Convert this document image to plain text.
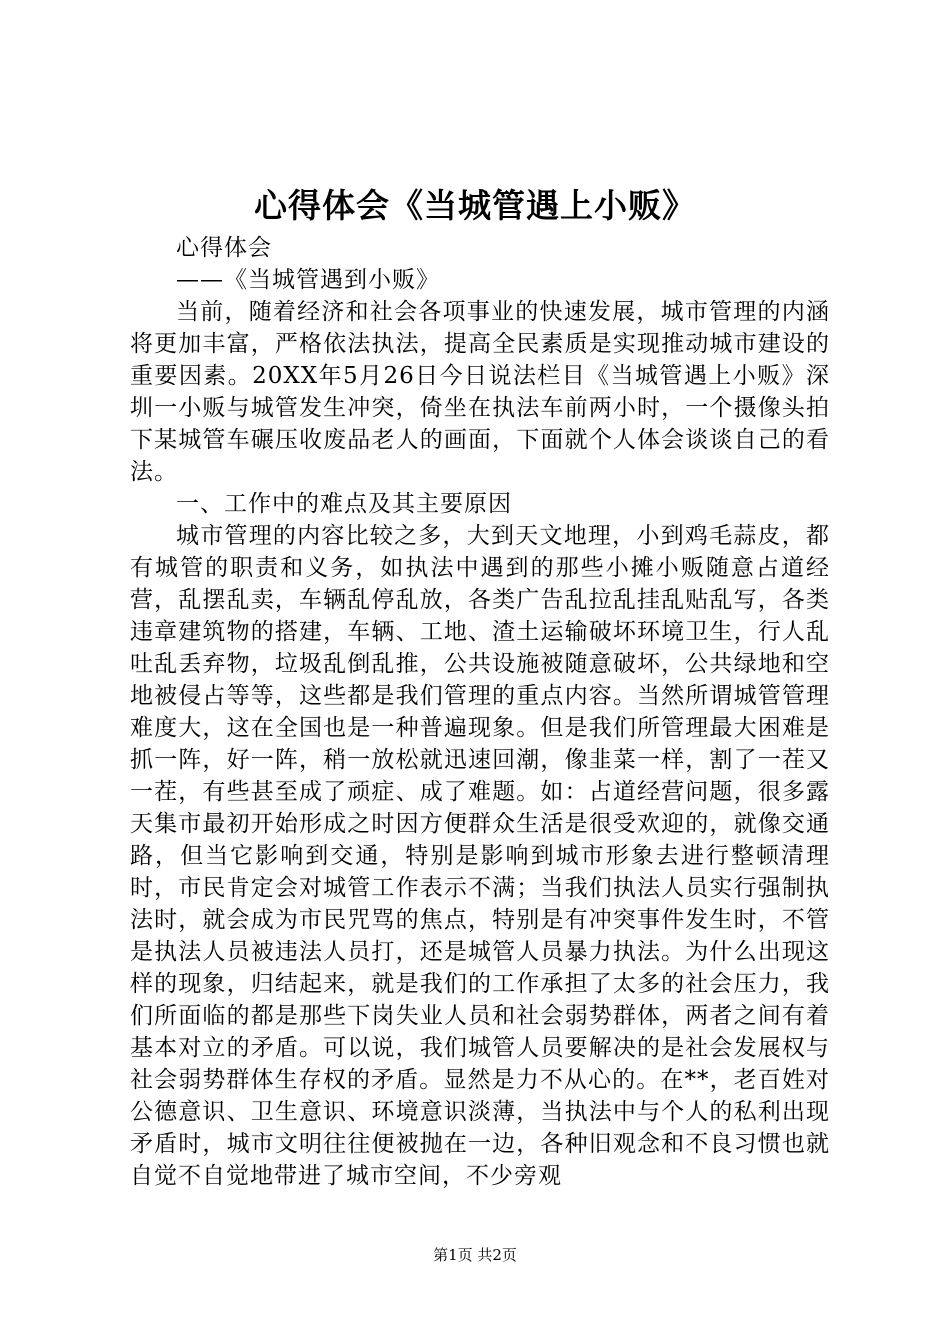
心得体会《当城管遇上小贩》

心得体会

——《当城管遇到小贩》

当前，随着经济和社会各项事业的快速发展，城市管理的内涵将更加丰富，严格依法执法，提高全民素质是实现推动城市建设的重要因素。20XX年5月26日今日说法栏目《当城管遇上小贩》深圳一小贩与城管发生冲突，倚坐在执法车前两小时，一个摄像头拍下某城管车碾压收废品老人的画面，下面就个人体会谈谈自己的看法。

一、工作中的难点及其主要原因

城市管理的内容比较之多，大到天文地理，小到鸡毛蒜皮，都有城管的职责和义务，如执法中遇到的那些小摊小贩随意占道经营，乱摆乱卖，车辆乱停乱放，各类广告乱拉乱挂乱贴乱写，各类违章建筑物的搭建，车辆、工地、渣土运输破坏环境卫生，行人乱吐乱丢弃物，垃圾乱倒乱推，公共设施被随意破坏，公共绿地和空地被侵占等等，这些都是我们管理的重点内容。当然所谓城管管理难度大，这在全国也是一种普遍现象。但是我们所管理最大困难是抓一阵，好一阵，稍一放松就迅速回潮，像韭菜一样，割了一茬又一茬，有些甚至成了顽症、成了难题。如：占道经营问题，很多露天集市最初开始形成之时因方便群众生活是很受欢迎的，就像交通路，但当它影响到交通，特别是影响到城市形象去进行整顿清理时，市民肯定会对城管工作表示不满；当我们执法人员实行强制执法时，就会成为市民咒骂的焦点，特别是有冲突事件发生时，不管是执法人员被违法人员打，还是城管人员暴力执法。为什么出现这样的现象，归结起来，就是我们的工作承担了太多的社会压力，我们所面临的都是那些下岗失业人员和社会弱势群体，两者之间有着基本对立的矛盾。可以说，我们城管人员要解决的是社会发展权与社会弱势群体生存权的矛盾。显然是力不从心的。在**，老百姓对公德意识、卫生意识、环境意识淡薄，当执法中与个人的私利出现矛盾时，城市文明往往便被抛在一边，各种旧观念和不良习惯也就自觉不自觉地带进了城市空间，不少旁观

第1页 共2页
